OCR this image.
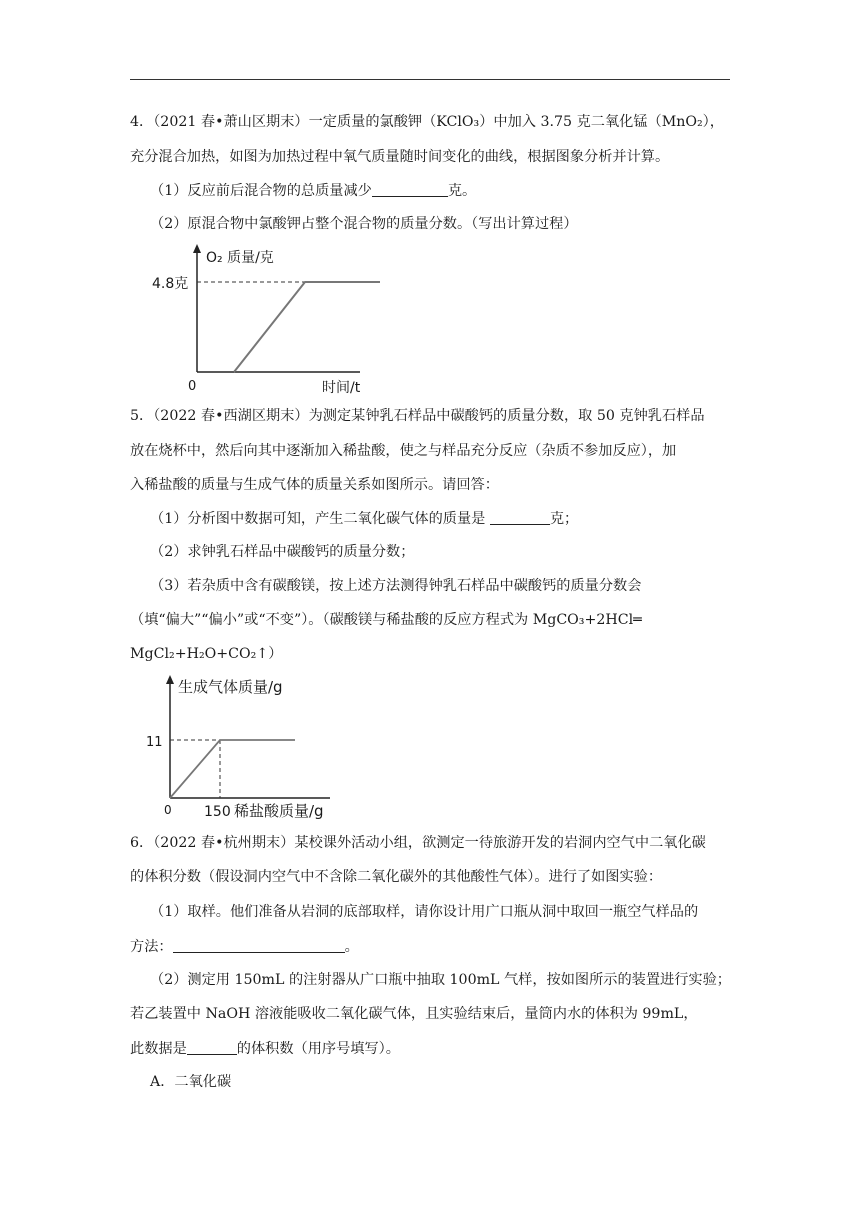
4．（2021 春•萧山区期末）一定质量的氯酸钾（KClO₃）中加入 3.75 克二氧化锰（MnO₂），
充分混合加热，如图为加热过程中氧气质量随时间变化的曲线，根据图象分析并计算。
（1）反应前后混合物的总质量减少	克。
（2）原混合物中氯酸钾占整个混合物的质量分数。（写出计算过程）
O₂ 质量/克
4.8克
0	时间/t
5．（2022 春•西湖区期末）为测定某钟乳石样品中碳酸钙的质量分数，取 50 克钟乳石样品
放在烧杯中，然后向其中逐渐加入稀盐酸，使之与样品充分反应（杂质不参加反应），加
入稀盐酸的质量与生成气体的质量关系如图所示。请回答：
（1）分析图中数据可知，产生二氧化碳气体的质量是	克；
（2）求钟乳石样品中碳酸钙的质量分数；
（3）若杂质中含有碳酸镁，按上述方法测得钟乳石样品中碳酸钙的质量分数会
（填“偏大”“偏小”或“不变”）。（碳酸镁与稀盐酸的反应方程式为 MgCO₃+2HCl═
MgCl₂+H₂O+CO₂↑）
生成气体质量/g
11
0 150 稀盐酸质量/g
6．（2022 春•杭州期末）某校课外活动小组，欲测定一待旅游开发的岩洞内空气中二氧化碳
的体积分数（假设洞内空气中不含除二氧化碳外的其他酸性气体）。进行了如图实验：
（1）取样。他们准备从岩洞的底部取样，请你设计用广口瓶从洞中取回一瓶空气样品的
方法：	。
（2）测定用 150mL 的注射器从广口瓶中抽取 100mL 气样，按如图所示的装置进行实验；
若乙装置中 NaOH 溶液能吸收二氧化碳气体，且实验结束后，量筒内水的体积为 99mL，
此数据是	的体积数（用序号填写）。
A．二氧化碳
